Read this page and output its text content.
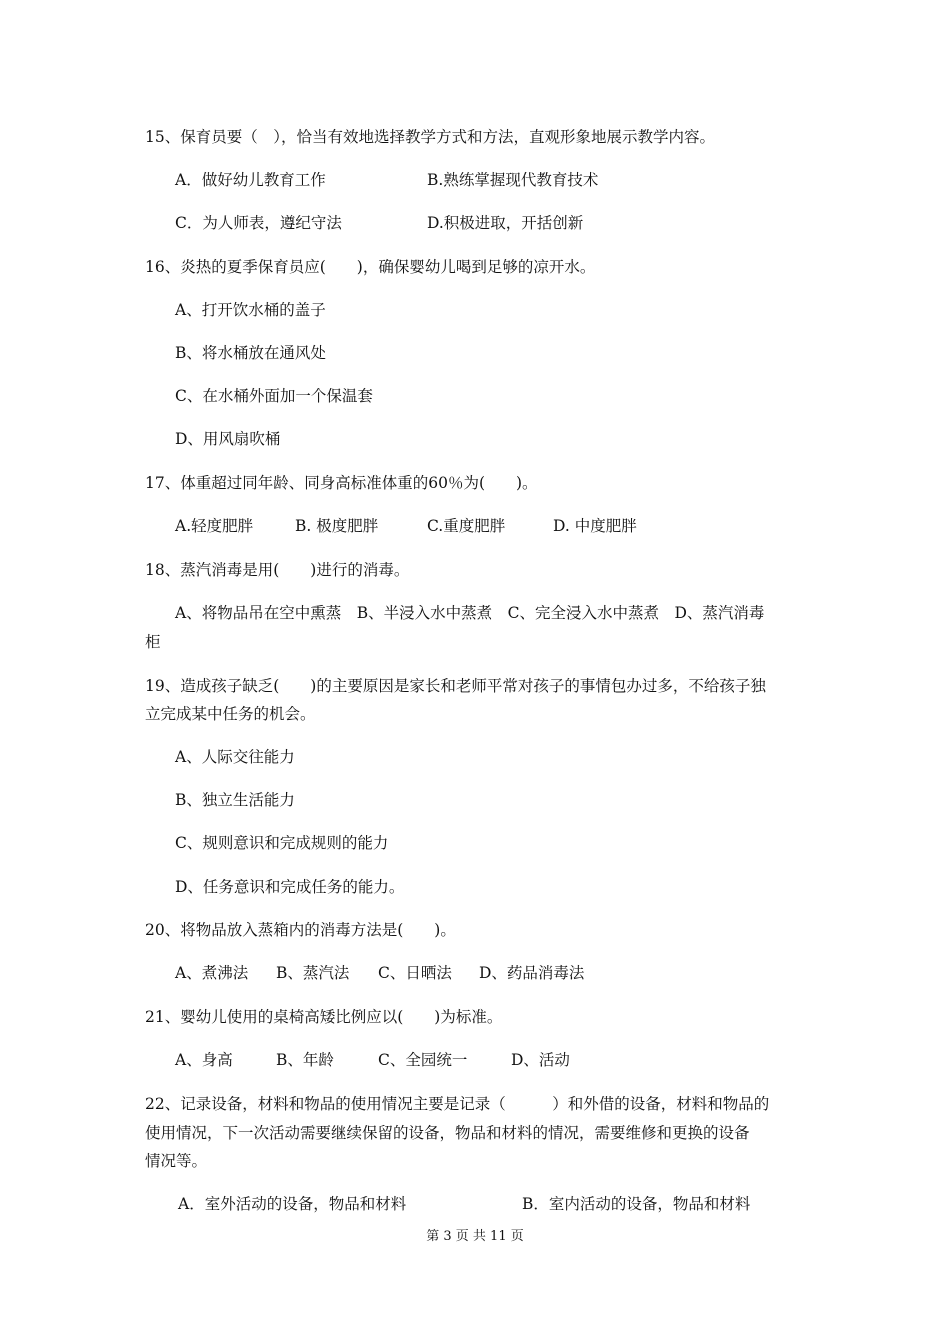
15、保育员要（　），恰当有效地选择教学方式和方法，直观形象地展示教学内容。

A．做好幼儿教育工作	B.熟练掌握现代教育技术

C．为人师表，遵纪守法	D.积极进取，开括创新

16、炎热的夏季保育员应(　　)，确保婴幼儿喝到足够的凉开水。

A、打开饮水桶的盖子

B、将水桶放在通风处

C、在水桶外面加一个保温套

D、用风扇吹桶

17、体重超过同年龄、同身高标准体重的60％为(　　)。

A.轻度肥胖	B. 极度肥胖	C.重度肥胖	D. 中度肥胖

18、蒸汽消毒是用(　　)进行的消毒。

A、将物品吊在空中熏蒸　B、半浸入水中蒸煮　C、完全浸入水中蒸煮　D、蒸汽消毒

柜

19、造成孩子缺乏(　　)的主要原因是家长和老师平常对孩子的事情包办过多，不给孩子独

立完成某中任务的机会。

A、人际交往能力

B、独立生活能力

C、规则意识和完成规则的能力

D、任务意识和完成任务的能力。

20、将物品放入蒸箱内的消毒方法是(　　)。

A、煮沸法 B、蒸汽法 C、日晒法 D、药品消毒法

21、婴幼儿使用的桌椅高矮比例应以(　　)为标准。

A、身高	B、年龄	C、全园统一	D、活动

22、记录设备，材料和物品的使用情况主要是记录（　　　）和外借的设备，材料和物品的

使用情况，下一次活动需要继续保留的设备，物品和材料的情况，需要维修和更换的设备

情况等。

A．室外活动的设备，物品和材料	B．室内活动的设备，物品和材料

第 3 页 共 11 页
